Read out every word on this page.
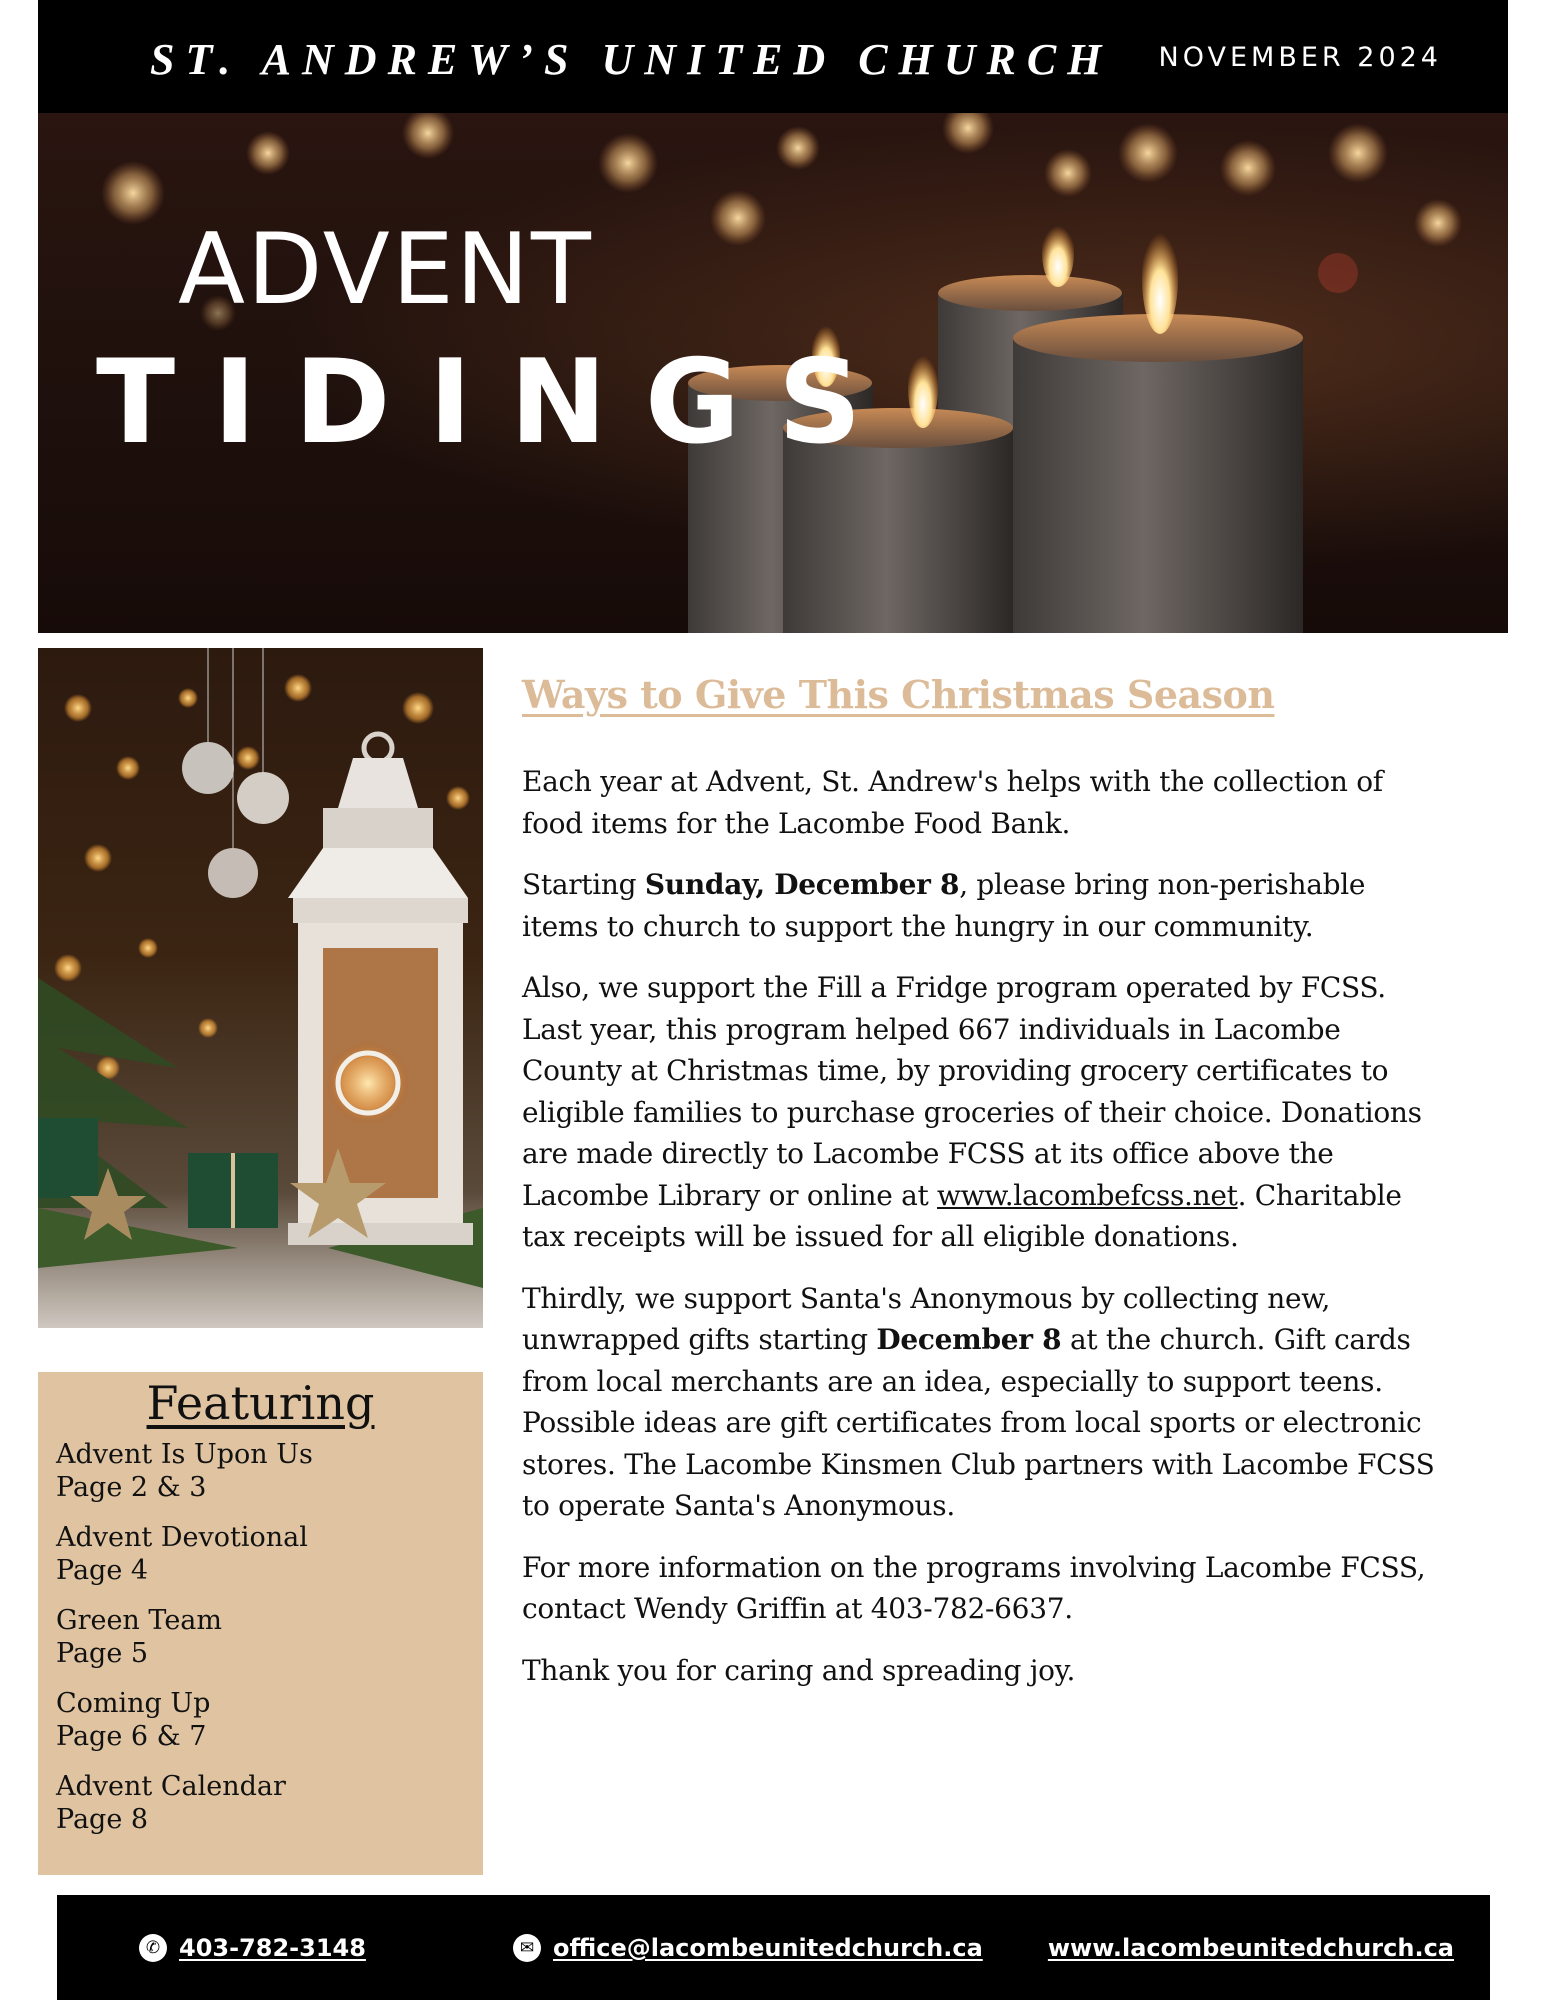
ST. ANDREW’S UNITED CHURCH NOVEMBER 2024
ADVENT
TIDINGS
Featuring
Advent Is Upon Us
Page 2 & 3
Advent Devotional
Page 4
Green Team
Page 5
Coming Up
Page 6 & 7
Advent Calendar
Page 8
Ways to Give This Christmas Season

Each year at Advent, St. Andrew's helps with the collection of food items for the Lacombe Food Bank.

Starting Sunday, December 8, please bring non-perishable items to church to support the hungry in our community.

Also, we support the Fill a Fridge program operated by FCSS. Last year, this program helped 667 individuals in Lacombe County at Christmas time, by providing grocery certificates to eligible families to purchase groceries of their choice. Donations are made directly to Lacombe FCSS at its office above the Lacombe Library or online at www.lacombefcss.net. Charitable tax receipts will be issued for all eligible donations.

Thirdly, we support Santa's Anonymous by collecting new, unwrapped gifts starting December 8 at the church. Gift cards from local merchants are an idea, especially to support teens. Possible ideas are gift certificates from local sports or electronic stores. The Lacombe Kinsmen Club partners with Lacombe FCSS to operate Santa's Anonymous.

For more information on the programs involving Lacombe FCSS, contact Wendy Griffin at 403-782-6637.

Thank you for caring and spreading joy.

✆ 403-782-3148	✉ office@lacombeunitedchurch.ca	www.lacombeunitedchurch.ca
